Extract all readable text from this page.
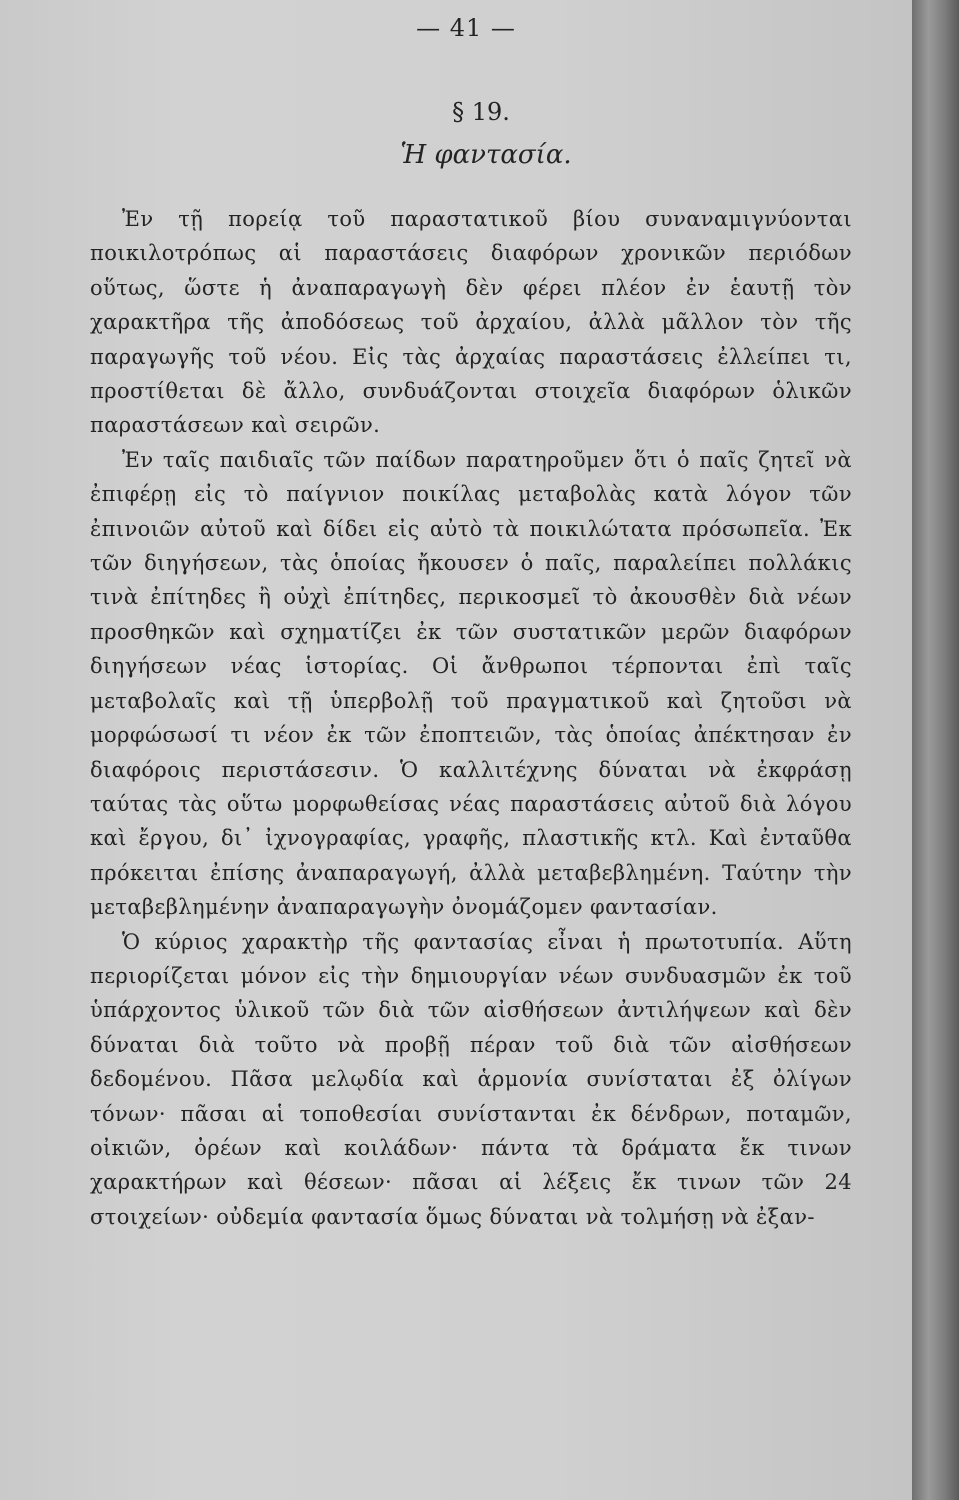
— 41 —
§ 19.
Ἡ φαντασία.

Ἐν τῇ πορείᾳ τοῦ παραστατικοῦ βίου συναναμιγνύονται ποικιλοτρόπως αἱ παραστάσεις διαφόρων χρονικῶν περιόδων οὕτως, ὥστε ἡ ἀναπαραγωγὴ δὲν φέρει πλέον ἐν ἑαυτῇ τὸν χαρακτῆρα τῆς ἀποδόσεως τοῦ ἀρχαίου, ἀλλὰ μᾶλλον τὸν τῆς παραγωγῆς τοῦ νέου. Εἰς τὰς ἀρχαίας παραστάσεις ἐλλείπει τι, προστίθεται δὲ ἄλλο, συνδυάζονται στοιχεῖα διαφόρων ὁλικῶν παραστάσεων καὶ σειρῶν.

Ἐν ταῖς παιδιαῖς τῶν παίδων παρατηροῦμεν ὅτι ὁ παῖς ζητεῖ νὰ ἐπιφέρῃ εἰς τὸ παίγνιον ποικίλας μεταβολὰς κατὰ λόγον τῶν ἐπινοιῶν αὐτοῦ καὶ δίδει εἰς αὐτὸ τὰ ποικιλώτατα πρόσωπεῖα. Ἐκ τῶν διηγήσεων, τὰς ὁποίας ἤκουσεν ὁ παῖς, παραλείπει πολλάκις τινὰ ἐπίτηδες ἢ οὐχὶ ἐπίτηδες, περικοσμεῖ τὸ ἀκουσθὲν διὰ νέων προσθηκῶν καὶ σχηματίζει ἐκ τῶν συστατικῶν μερῶν διαφόρων διηγήσεων νέας ἱστορίας. Οἱ ἄνθρωποι τέρπονται ἐπὶ ταῖς μεταβολαῖς καὶ τῇ ὑπερβολῇ τοῦ πραγματικοῦ καὶ ζητοῦσι νὰ μορφώσωσί τι νέον ἐκ τῶν ἐποπτειῶν, τὰς ὁποίας ἀπέκτησαν ἐν διαφόροις περιστάσεσιν. Ὁ καλλιτέχνης δύναται νὰ ἐκφράσῃ ταύτας τὰς οὕτω μορφωθείσας νέας παραστάσεις αὐτοῦ διὰ λόγου καὶ ἔργου, δι᾽ ἰχνογραφίας, γραφῆς, πλαστικῆς κτλ. Καὶ ἐνταῦθα πρόκειται ἐπίσης ἀναπαραγωγή, ἀλλὰ μεταβεβλημένη. Ταύτην τὴν μεταβεβλημένην ἀναπαραγωγὴν ὀνομάζομεν φαντασίαν.

Ὁ κύριος χαρακτὴρ τῆς φαντασίας εἶναι ἡ πρωτοτυπία. Αὕτη περιορίζεται μόνον εἰς τὴν δημιουργίαν νέων συνδυασμῶν ἐκ τοῦ ὑπάρχοντος ὑλικοῦ τῶν διὰ τῶν αἰσθήσεων ἀντιλήψεων καὶ δὲν δύναται διὰ τοῦτο νὰ προβῇ πέραν τοῦ διὰ τῶν αἰσθήσεων δεδομένου. Πᾶσα μελῳδία καὶ ἁρμονία συνίσταται ἐξ ὀλίγων τόνων· πᾶσαι αἱ τοποθεσίαι συνίστανται ἐκ δένδρων, ποταμῶν, οἰκιῶν, ὀρέων καὶ κοιλάδων· πάντα τὰ δράματα ἔκ τινων χαρακτήρων καὶ θέσεων· πᾶσαι αἱ λέξεις ἔκ τινων τῶν 24 στοιχείων· οὐδεμία φαντασία ὅμως δύναται νὰ τολμήσῃ νὰ ἐξαν-
